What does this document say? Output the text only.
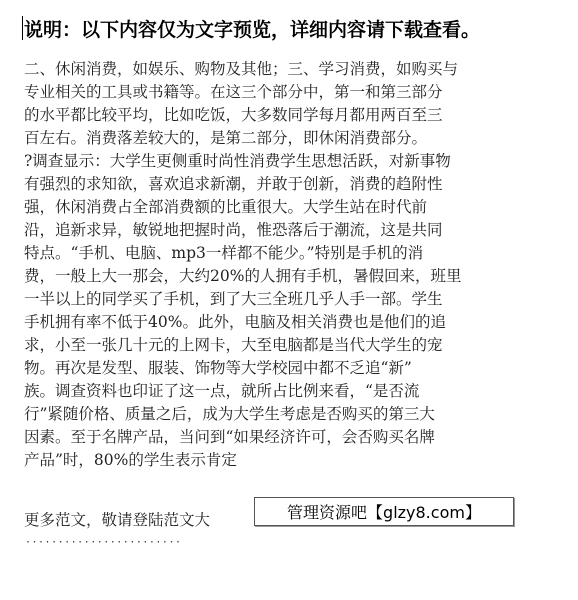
说明：以下内容仅为文字预览，详细内容请下载查看。
二、休闲消费，如娱乐、购物及其他；三、学习消费，如购买与
专业相关的工具或书籍等。在这三个部分中，第一和第三部分
的水平都比较平均，比如吃饭，大多数同学每月都用两百至三
百左右。消费落差较大的，是第二部分，即休闲消费部分。
?调查显示：大学生更侧重时尚性消费学生思想活跃，对新事物
有强烈的求知欲，喜欢追求新潮，并敢于创新，消费的趋附性
强，休闲消费占全部消费额的比重很大。大学生站在时代前
沿，追新求异，敏锐地把握时尚，惟恐落后于潮流，这是共同
特点。“手机、电脑、mp3一样都不能少。”特别是手机的消
费，一般上大一那会，大约20%的人拥有手机，暑假回来，班里
一半以上的同学买了手机，到了大三全班几乎人手一部。学生
手机拥有率不低于40%。此外，电脑及相关消费也是他们的追
求，小至一张几十元的上网卡，大至电脑都是当代大学生的宠
物。再次是发型、服装、饰物等大学校园中都不乏追“新”
族。调查资料也印证了这一点，就所占比例来看，“是否流
行”紧随价格、质量之后，成为大学生考虑是否购买的第三大
因素。至于名牌产品，当问到“如果经济许可，会否购买名牌
产品”时，80%的学生表示肯定
更多范文，敬请登陆范文大	管理资源吧【glzy8.com】
························
